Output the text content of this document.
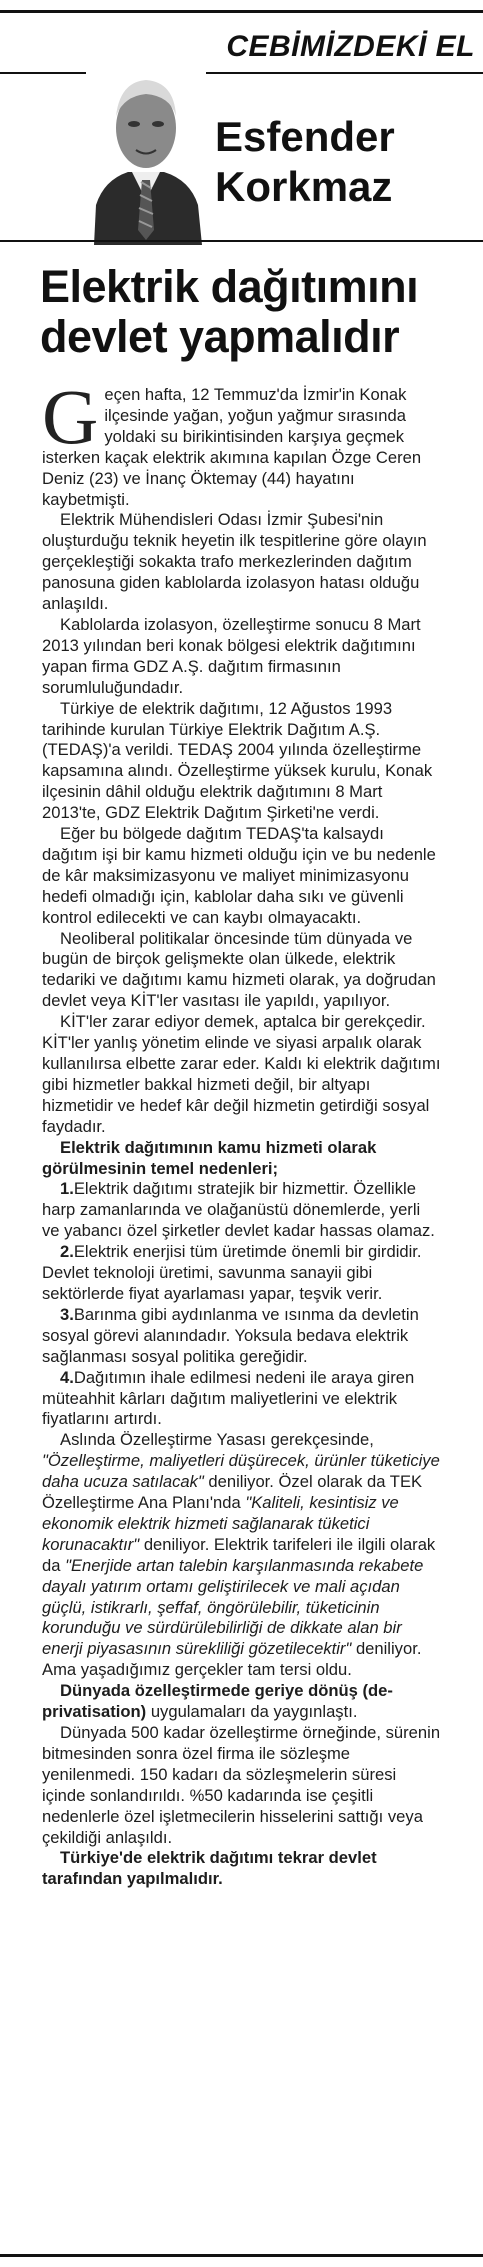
CEBİMİZDEKİ EL
Esfender
Korkmaz
Elektrik dağıtımını
devlet yapmalıdır

Geçen hafta, 12 Temmuz'da İzmir'in Konak ilçesinde yağan, yoğun yağmur sırasında yoldaki su birikintisinden karşıya geçmek isterken kaçak elektrik akımına kapılan Özge Ceren Deniz (23) ve İnanç Öktemay (44) hayatını kaybetmişti.

Elektrik Mühendisleri Odası İzmir Şubesi'nin oluşturduğu teknik heyetin ilk tespitlerine göre olayın gerçekleştiği sokakta trafo merkezlerinden dağıtım panosuna giden kablolarda izolasyon hatası olduğu anlaşıldı.

Kablolarda izolasyon, özelleştirme sonucu 8 Mart 2013 yılından beri konak bölgesi elektrik dağıtımını yapan firma GDZ A.Ş. dağıtım firmasının sorumluluğundadır.

Türkiye de elektrik dağıtımı, 12 Ağustos 1993 tarihinde kurulan Türkiye Elektrik Dağıtım A.Ş. (TEDAŞ)'a verildi. TEDAŞ 2004 yılında özelleştirme kapsamına alındı. Özelleştirme yüksek kurulu, Konak ilçesinin dâhil olduğu elektrik dağıtımını 8 Mart 2013'te, GDZ Elektrik Dağıtım Şirketi'ne verdi.

Eğer bu bölgede dağıtım TEDAŞ'ta kalsaydı dağıtım işi bir kamu hizmeti olduğu için ve bu nedenle de kâr maksimizasyonu ve maliyet minimizasyonu hedefi olmadığı için, kablolar daha sıkı ve güvenli kontrol edilecekti ve can kaybı olmayacaktı.

Neoliberal politikalar öncesinde tüm dünyada ve bugün de birçok gelişmekte olan ülkede, elektrik tedariki ve dağıtımı kamu hizmeti olarak, ya doğrudan devlet veya KİT'ler vasıtası ile yapıldı, yapılıyor.

KİT'ler zarar ediyor demek, aptalca bir gerekçedir. KİT'ler yanlış yönetim elinde ve siyasi arpalık olarak kullanılırsa elbette zarar eder. Kaldı ki elektrik dağıtımı gibi hizmetler bakkal hizmeti değil, bir altyapı hizmetidir ve hedef kâr değil hizmetin getirdiği sosyal faydadır.

Elektrik dağıtımının kamu hizmeti olarak görülmesinin temel nedenleri;

1.Elektrik dağıtımı stratejik bir hizmettir. Özellikle harp zamanlarında ve olağanüstü dönemlerde, yerli ve yabancı özel şirketler devlet kadar hassas olamaz.

2.Elektrik enerjisi tüm üretimde önemli bir girdidir. Devlet teknoloji üretimi, savunma sanayii gibi sektörlerde fiyat ayarlaması yapar, teşvik verir.

3.Barınma gibi aydınlanma ve ısınma da devletin sosyal görevi alanındadır. Yoksula bedava elektrik sağlanması sosyal politika gereğidir.

4.Dağıtımın ihale edilmesi nedeni ile araya giren müteahhit kârları dağıtım maliyetlerini ve elektrik fiyatlarını artırdı.

Aslında Özelleştirme Yasası gerekçesinde, "Özelleştirme, maliyetleri düşürecek, ürünler tüketiciye daha ucuza satılacak" deniliyor. Özel olarak da TEK Özelleştirme Ana Planı'nda "Kaliteli, kesintisiz ve ekonomik elektrik hizmeti sağlanarak tüketici korunacaktır" deniliyor. Elektrik tarifeleri ile ilgili olarak da "Enerjide artan talebin karşılanmasında rekabete dayalı yatırım ortamı geliştirilecek ve mali açıdan güçlü, istikrarlı, şeffaf, öngörülebilir, tüketicinin korunduğu ve sürdürülebilirliği de dikkate alan bir enerji piyasasının sürekliliği gözetilecektir" deniliyor. Ama yaşadığımız gerçekler tam tersi oldu.

Dünyada özelleştirmede geriye dönüş (de-privatisation) uygulamaları da yaygınlaştı.

Dünyada 500 kadar özelleştirme örneğinde, sürenin bitmesinden sonra özel firma ile sözleşme yenilenmedi. 150 kadarı da sözleşmelerin süresi içinde sonlandırıldı. %50 kadarında ise çeşitli nedenlerle özel işletmecilerin hisselerini sattığı veya çekildiği anlaşıldı.

Türkiye'de elektrik dağıtımı tekrar devlet tarafından yapılmalıdır.
